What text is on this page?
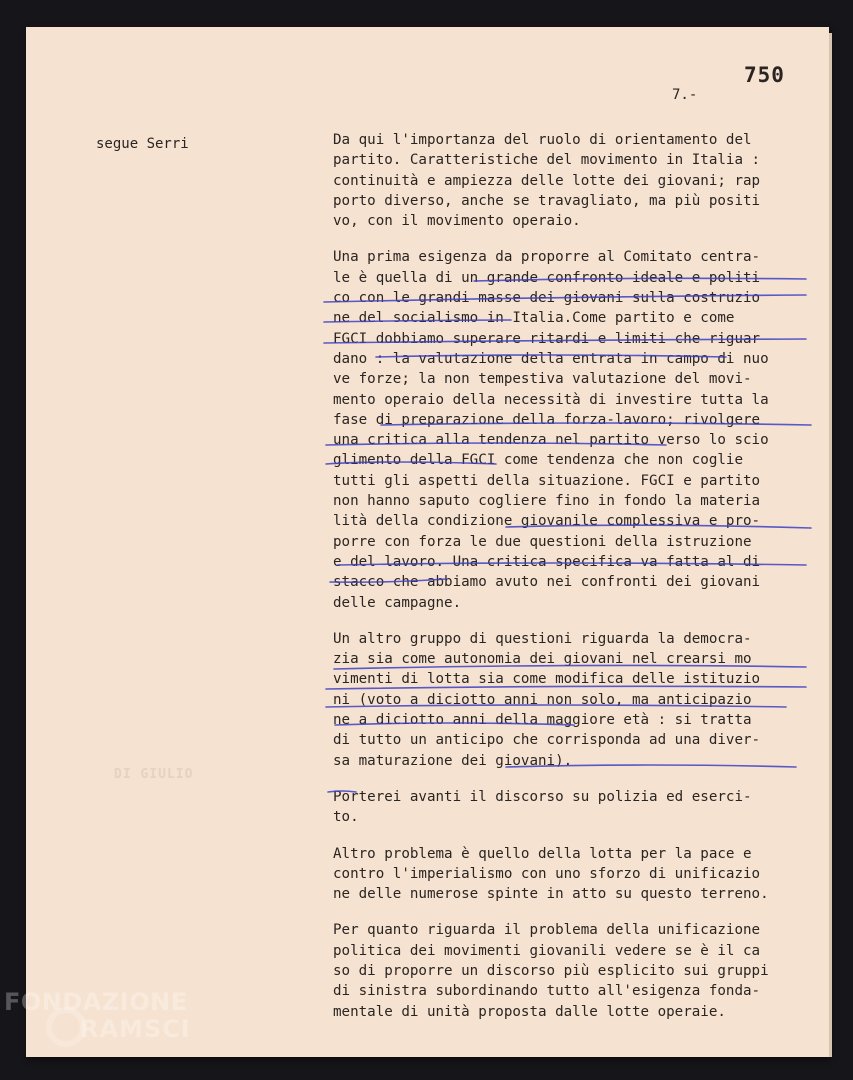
750
7.-
segue Serri
DI GIULIO

Da qui l'importanza del ruolo di orientamento del
partito. Caratteristiche del movimento in Italia :
continuità e ampiezza delle lotte dei giovani; rap
porto diverso, anche se travagliato, ma più positi
vo, con il movimento operaio.

Una prima esigenza da proporre al Comitato centra-
le è quella di un grande confronto ideale e politi
co con le grandi masse dei giovani sulla costruzio
ne del socialismo in Italia.Come partito e come
FGCI dobbiamo superare ritardi e limiti che riguar
dano : la valutazione della entrata in campo di nuo
ve forze; la non tempestiva valutazione del movi-
mento operaio della necessità di investire tutta la
fase di preparazione della forza-lavoro; rivolgere
una critica alla tendenza nel partito verso lo scio
glimento della FGCI come tendenza che non coglie
tutti gli aspetti della situazione. FGCI e partito
non hanno saputo cogliere fino in fondo la materia
lità della condizione giovanile complessiva e pro-
porre con forza le due questioni della istruzione
e del lavoro. Una critica specifica va fatta al di
stacco che abbiamo avuto nei confronti dei giovani
delle campagne.

Un altro gruppo di questioni riguarda la democra-
zia sia come autonomia dei giovani nel crearsi mo
vimenti di lotta sia come modifica delle istituzio
ni (voto a diciotto anni non solo, ma anticipazio
ne a diciotto anni della maggiore età : si tratta
di tutto un anticipo che corrisponda ad una diver-
sa maturazione dei giovani).

Porterei avanti il discorso su polizia ed eserci-
to.

Altro problema è quello della lotta per la pace e
contro l'imperialismo con uno sforzo di unificazio
ne delle numerose spinte in atto su questo terreno.

Per quanto riguarda il problema della unificazione
politica dei movimenti giovanili vedere se è il ca
so di proporre un discorso più esplicito sui gruppi
di sinistra subordinando tutto all'esigenza fonda-
mentale di unità proposta dalle lotte operaie.

FONDAZIONE
RAMSCI
